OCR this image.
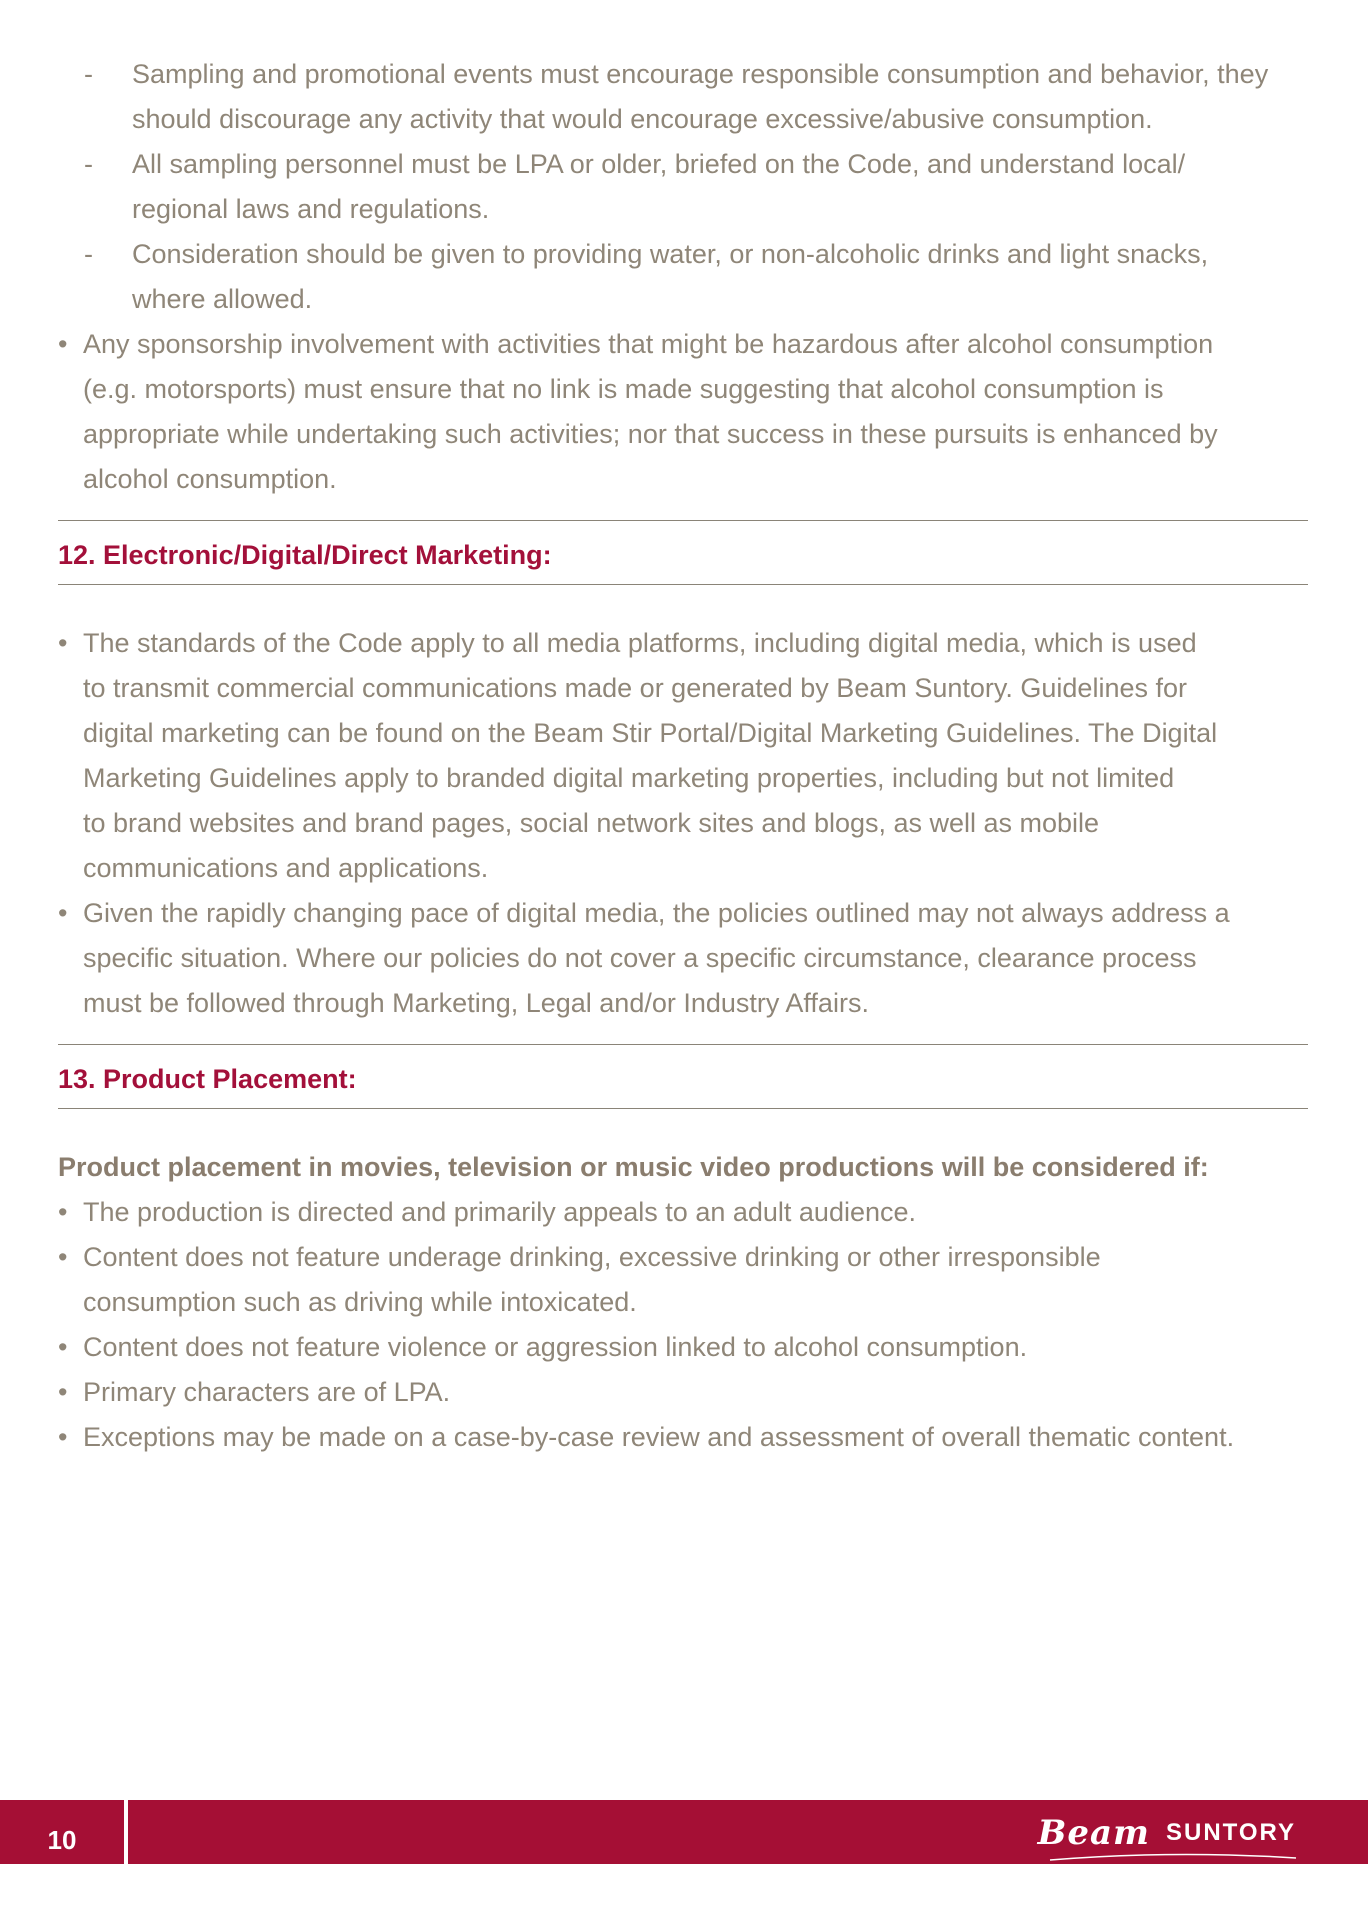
- Sampling and promotional events must encourage responsible consumption and behavior, they

should discourage any activity that would encourage excessive/abusive consumption.

- All sampling personnel must be LPA or older, briefed on the Code, and understand local/

regional laws and regulations.

- Consideration should be given to providing water, or non-alcoholic drinks and light snacks,

where allowed.

• Any sponsorship involvement with activities that might be hazardous after alcohol consumption

(e.g. motorsports) must ensure that no link is made suggesting that alcohol consumption is

appropriate while undertaking such activities; nor that success in these pursuits is enhanced by

alcohol consumption.

12. Electronic/Digital/Direct Marketing:
• The standards of the Code apply to all media platforms, including digital media, which is used

to transmit commercial communications made or generated by Beam Suntory. Guidelines for

digital marketing can be found on the Beam Stir Portal/Digital Marketing Guidelines. The Digital

Marketing Guidelines apply to branded digital marketing properties, including but not limited

to brand websites and brand pages, social network sites and blogs, as well as mobile

communications and applications.

• Given the rapidly changing pace of digital media, the policies outlined may not always address a

specific situation. Where our policies do not cover a specific circumstance, clearance process

must be followed through Marketing, Legal and/or Industry Affairs.

13. Product Placement:

Product placement in movies, television or music video productions will be considered if:

• The production is directed and primarily appeals to an adult audience.

• Content does not feature underage drinking, excessive drinking or other irresponsible

consumption such as driving while intoxicated.

• Content does not feature violence or aggression linked to alcohol consumption.

• Primary characters are of LPA.

• Exceptions may be made on a case-by-case review and assessment of overall thematic content.

10	Beam SUNTORY
